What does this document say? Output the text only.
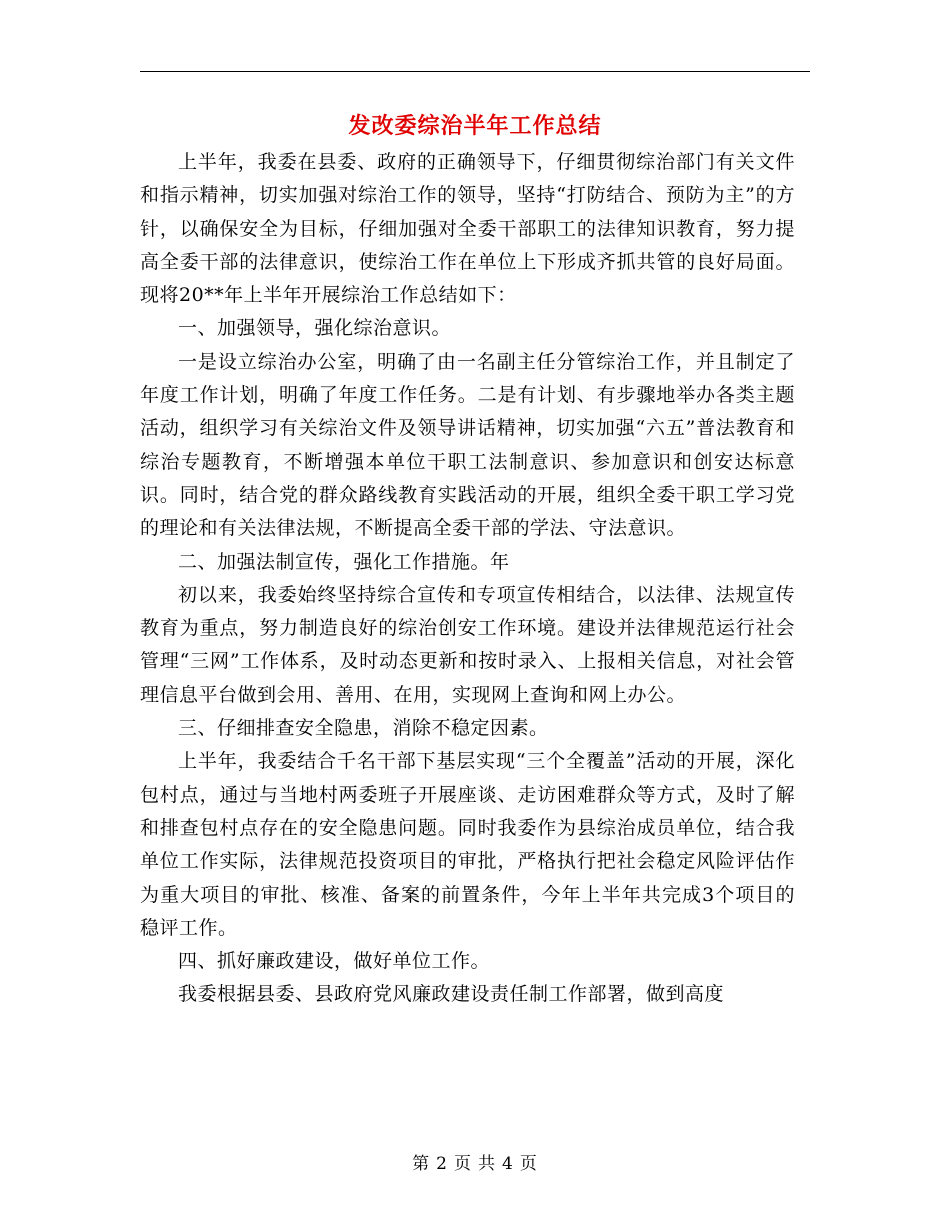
发改委综治半年工作总结

上半年，我委在县委、政府的正确领导下，仔细贯彻综治部门有关文件和指示精神，切实加强对综治工作的领导，坚持“打防结合、预防为主”的方针，以确保安全为目标，仔细加强对全委干部职工的法律知识教育，努力提高全委干部的法律意识，使综治工作在单位上下形成齐抓共管的良好局面。现将20**年上半年开展综治工作总结如下：

一、加强领导，强化综治意识。

一是设立综治办公室，明确了由一名副主任分管综治工作，并且制定了年度工作计划，明确了年度工作任务。二是有计划、有步骤地举办各类主题活动，组织学习有关综治文件及领导讲话精神，切实加强“六五”普法教育和综治专题教育，不断增强本单位干职工法制意识、参加意识和创安达标意识。同时，结合党的群众路线教育实践活动的开展，组织全委干职工学习党的理论和有关法律法规，不断提高全委干部的学法、守法意识。

二、加强法制宣传，强化工作措施。年

初以来，我委始终坚持综合宣传和专项宣传相结合，以法律、法规宣传教育为重点，努力制造良好的综治创安工作环境。建设并法律规范运行社会管理“三网”工作体系，及时动态更新和按时录入、上报相关信息，对社会管理信息平台做到会用、善用、在用，实现网上查询和网上办公。

三、仔细排查安全隐患，消除不稳定因素。

上半年，我委结合千名干部下基层实现“三个全覆盖”活动的开展，深化包村点，通过与当地村两委班子开展座谈、走访困难群众等方式，及时了解和排查包村点存在的安全隐患问题。同时我委作为县综治成员单位，结合我单位工作实际，法律规范投资项目的审批，严格执行把社会稳定风险评估作为重大项目的审批、核准、备案的前置条件，今年上半年共完成3个项目的稳评工作。

四、抓好廉政建设，做好单位工作。

我委根据县委、县政府党风廉政建设责任制工作部署，做到高度

第 2 页 共 4 页
